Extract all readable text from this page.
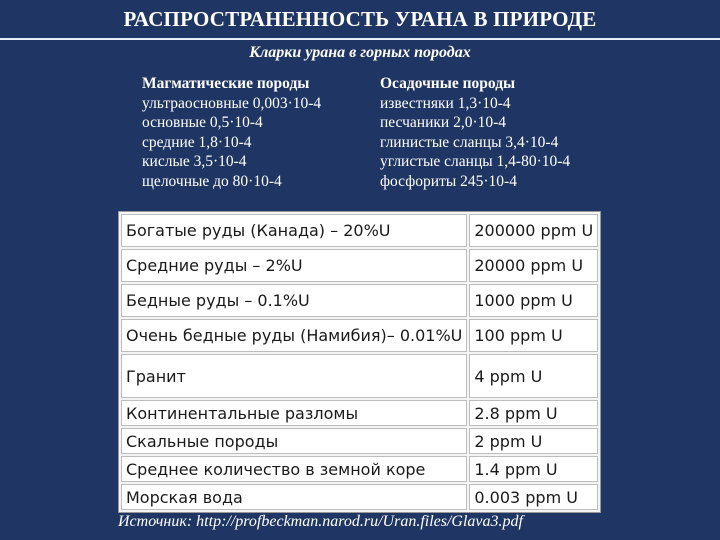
РАСПРОСТРАНЕННОСТЬ УРАНА В ПРИРОДЕ
Кларки урана в горных породах
Магматические породы
ультраосновные 0,003·10-4
основные 0,5·10-4
средние 1,8·10-4
кислые 3,5·10-4
щелочные до 80·10-4
Осадочные породы
известняки 1,3·10-4
песчаники 2,0·10-4
глинистые сланцы 3,4·10-4
углистые сланцы 1,4-80·10-4
фосфориты 245·10-4
Богатые руды (Канада) – 20%U	200000 ppm U
Средние руды – 2%U	20000 ppm U
Бедные руды – 0.1%U	1000 ppm U
Очень бедные руды (Намибия)– 0.01%U	100 ppm U
Гранит	4 ppm U
Континентальные разломы	2.8 ppm U
Скальные породы	2 ppm U
Среднее количество в земной коре	1.4 ppm U
Морская вода	0.003 ppm U
Источник: http://profbeckman.narod.ru/Uran.files/Glava3.pdf
